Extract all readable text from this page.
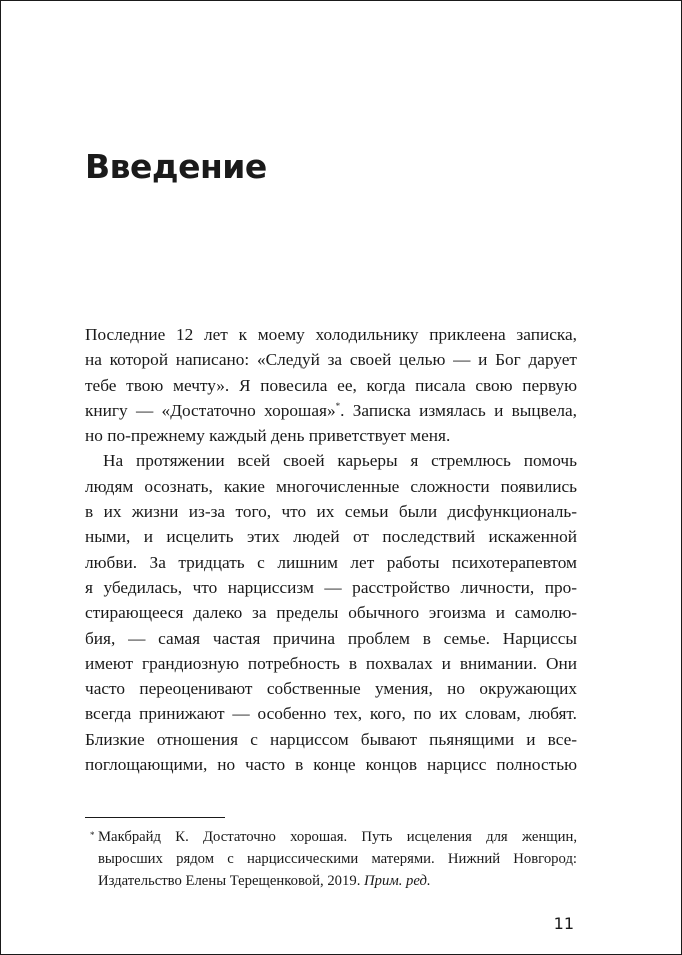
Введение

Последние 12 лет к моему холодильнику приклеена записка,
на которой написано: «Следуй за своей целью — и Бог дарует
тебе твою мечту». Я повесила ее, когда писала свою первую
книгу — «Достаточно хорошая»*. Записка измялась и выцвела,
но по-прежнему каждый день приветствует меня.

На протяжении всей своей карьеры я стремлюсь помочь
людям осознать, какие многочисленные сложности появились
в их жизни из-за того, что их семьи были дисфункциональ-
ными, и исцелить этих людей от последствий искаженной
любви. За тридцать с лишним лет работы психотерапевтом
я убедилась, что нарциссизм — расстройство личности, про-
стирающееся далеко за пределы обычного эгоизма и самолю-
бия, — самая частая причина проблем в семье. Нарциссы
имеют грандиозную потребность в похвалах и внимании. Они
часто переоценивают собственные умения, но окружающих
всегда принижают — особенно тех, кого, по их словам, любят.
Близкие отношения с нарциссом бывают пьянящими и все-
поглощающими, но часто в конце концов нарцисс полностью

* Макбрайд К. Достаточно хорошая. Путь исцеления для женщин,
выросших рядом с нарциссическими матерями. Нижний Новгород:
Издательство Елены Терещенковой, 2019. Прим. ред.
11
